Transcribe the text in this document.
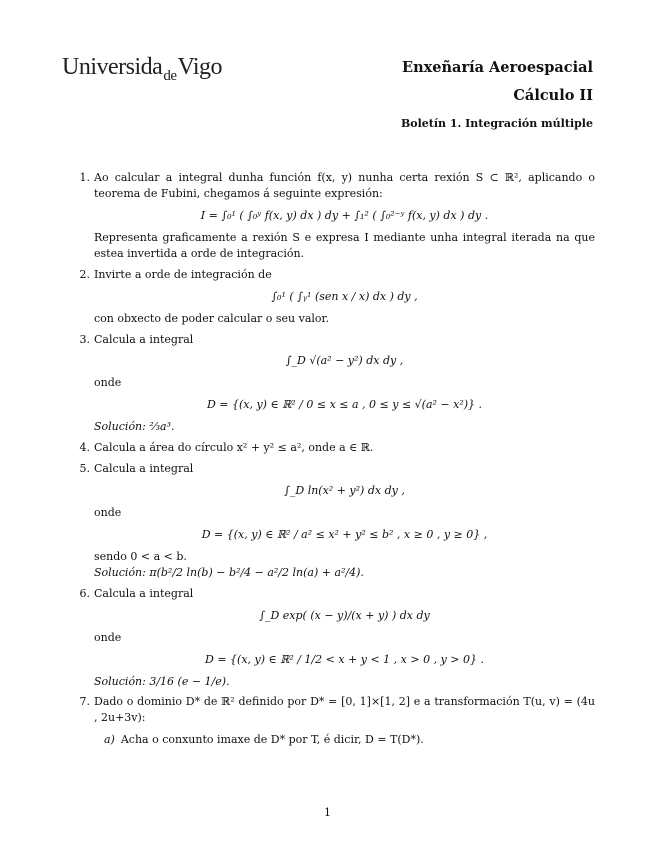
Universida$_{de}$Vigo	Enxeñaría Aeroespacial
Cálculo II
Boletín 1. Integración múltiple
1. Ao calcular a integral dunha función f(x, y) nunha certa rexión S ⊂ ℝ², aplicando o teorema de Fubini, chegamos á seguinte expresión:
I = ∫₀¹ ( ∫₀ʸ f(x, y) dx ) dy + ∫₁² ( ∫₀²⁻ʸ f(x, y) dx ) dy .
Representa graficamente a rexión S e expresa I mediante unha integral iterada na que estea invertida a orde de integración.
2. Invirte a orde de integración de
∫₀¹ ( ∫ᵧ¹ (sen x / x) dx ) dy ,
con obxecto de poder calcular o seu valor.
3. Calcula a integral
∫_D √(a² − y²) dx dy ,
onde
D = {(x, y) ∈ ℝ² / 0 ≤ x ≤ a , 0 ≤ y ≤ √(a² − x²)} .
Solución: ⅔a³.
4. Calcula a área do círculo x² + y² ≤ a², onde a ∈ ℝ.
5. Calcula a integral
∫_D ln(x² + y²) dx dy ,
onde
D = {(x, y) ∈ ℝ² / a² ≤ x² + y² ≤ b² , x ≥ 0 , y ≥ 0} ,
sendo 0 < a < b.
Solución: π(b²/2 ln(b) − b²/4 − a²/2 ln(a) + a²/4).
6. Calcula a integral
∫_D exp( (x − y)/(x + y) ) dx dy
onde
D = {(x, y) ∈ ℝ² / 1/2 < x + y < 1 , x > 0 , y > 0} .
Solución: 3/16 (e − 1/e).
7. Dado o dominio D* de ℝ² definido por D* = [0, 1]×[1, 2] e a transformación T(u, v) = (4u , 2u+3v):
a) Acha o conxunto imaxe de D* por T, é dicir, D = T(D*).
1
